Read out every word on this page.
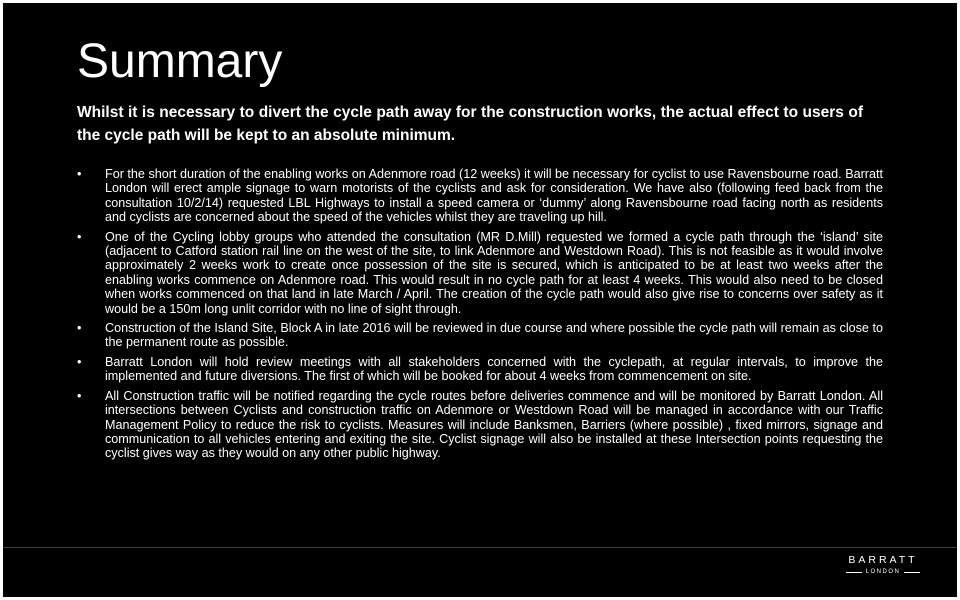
Summary

Whilst it is necessary to divert the cycle path away for the construction works, the actual effect to users of the cycle path will be kept to an absolute minimum.

• For the short duration of the enabling works on Adenmore road (12 weeks) it will be necessary for cyclist to use Ravensbourne road. Barratt London will erect ample signage to warn motorists of the cyclists and ask for consideration. We have also (following feed back from the consultation 10/2/14) requested LBL Highways to install a speed camera or ‘dummy’ along Ravensbourne road facing north as residents and cyclists are concerned about the speed of the vehicles whilst they are traveling up hill.
• One of the Cycling lobby groups who attended the consultation (MR D.Mill) requested we formed a cycle path through the ‘island’ site (adjacent to Catford station rail line on the west of the site, to link Adenmore and Westdown Road). This is not feasible as it would involve approximately 2 weeks work to create once possession of the site is secured, which is anticipated to be at least two weeks after the enabling works commence on Adenmore road. This would result in no cycle path for at least 4 weeks. This would also need to be closed when works commenced on that land in late March / April. The creation of the cycle path would also give rise to concerns over safety as it would be a 150m long unlit corridor with no line of sight through.
• Construction of the Island Site, Block A in late 2016 will be reviewed in due course and where possible the cycle path will remain as close to the permanent route as possible.
• Barratt London will hold review meetings with all stakeholders concerned with the cyclepath, at regular intervals, to improve the implemented and future diversions. The first of which will be booked for about 4 weeks from commencement on site.
• All Construction traffic will be notified regarding the cycle routes before deliveries commence and will be monitored by Barratt London. All intersections between Cyclists and construction traffic on Adenmore or Westdown Road will be managed in accordance with our Traffic Management Policy to reduce the risk to cyclists. Measures will include Banksmen, Barriers (where possible) , fixed mirrors, signage and communication to all vehicles entering and exiting the site. Cyclist signage will also be installed at these Intersection points requesting the cyclist gives way as they would on any other public highway.
BARRATT
LONDON
